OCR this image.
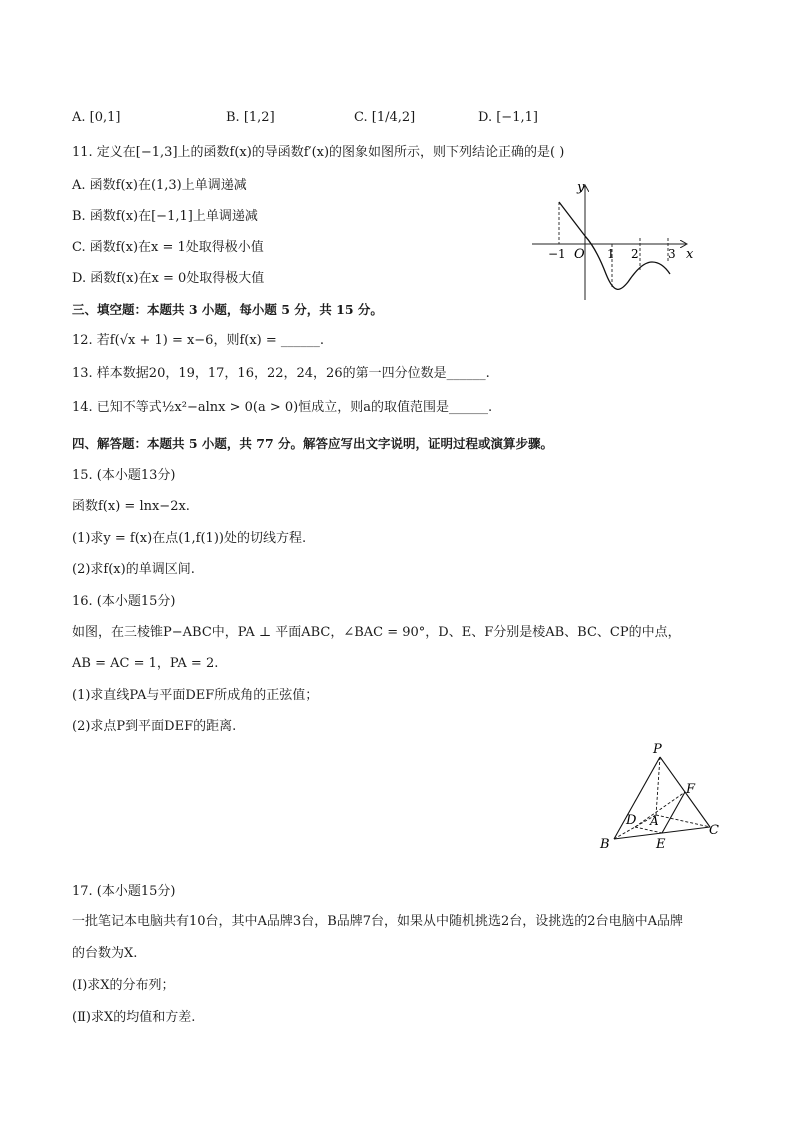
A. [0,1]	B. [1,2]	C. [1/4,2]	D. [−1,1]
11. 定义在[−1,3]上的函数f(x)的导函数f′(x)的图象如图所示，则下列结论正确的是( )
A. 函数f(x)在(1,3)上单调递减
B. 函数f(x)在[−1,1]上单调递减
C. 函数f(x)在x = 1处取得极小值
D. 函数f(x)在x = 0处取得极大值
y
x
O
−1	1 2 3
三、填空题：本题共 3 小题，每小题 5 分，共 15 分。
12. 若f(√x + 1) = x−6，则f(x) = ______.
13. 样本数据20，19，17，16，22，24，26的第一四分位数是______.
14. 已知不等式½x²−alnx > 0(a > 0)恒成立，则a的取值范围是______.
四、解答题：本题共 5 小题，共 77 分。解答应写出文字说明，证明过程或演算步骤。
15. (本小题13分)
函数f(x) = lnx−2x.
(1)求y = f(x)在点(1,f(1))处的切线方程.
(2)求f(x)的单调区间.
16. (本小题15分)
如图，在三棱锥P−ABC中，PA ⊥ 平面ABC，∠BAC = 90°，D、E、F分别是棱AB、BC、CP的中点，
AB = AC = 1，PA = 2.
(1)求直线PA与平面DEF所成角的正弦值；
(2)求点P到平面DEF的距离.
P
F
D A
B	E
C
17. (本小题15分)
一批笔记本电脑共有10台，其中A品牌3台，B品牌7台，如果从中随机挑选2台，设挑选的2台电脑中A品牌
的台数为X.
(Ⅰ)求X的分布列；
(Ⅱ)求X的均值和方差.
